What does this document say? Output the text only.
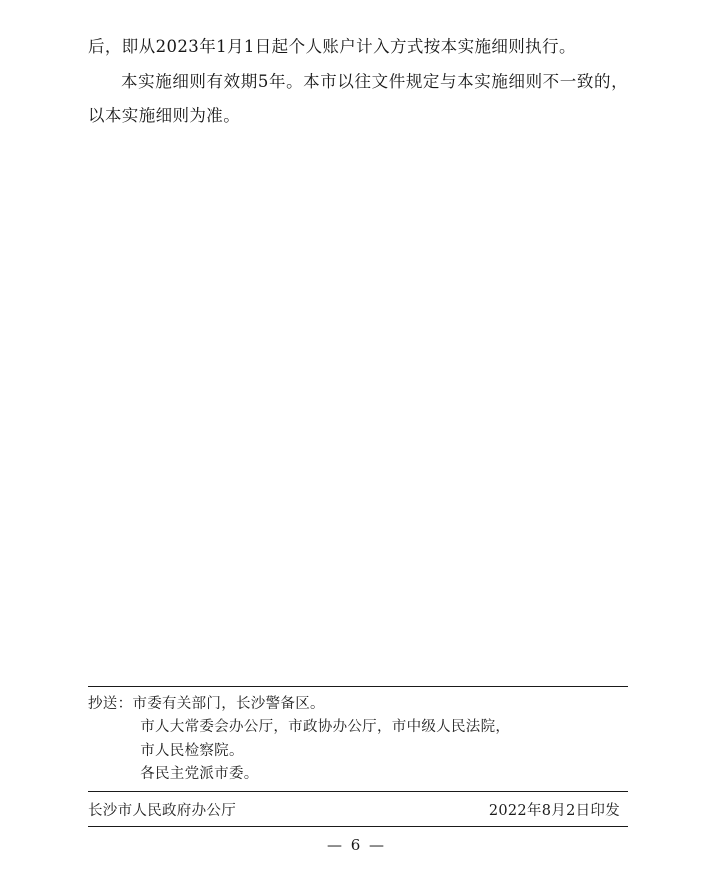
后，即从2023年1月1日起个人账户计入方式按本实施细则执行。

本实施细则有效期5年。本市以往文件规定与本实施细则不一致的，以本实施细则为准。

抄送：市委有关部门，长沙警备区。
市人大常委会办公厅，市政协办公厅，市中级人民法院，
市人民检察院。
各民主党派市委。
长沙市人民政府办公厅	2022年8月2日印发
— 6 —
